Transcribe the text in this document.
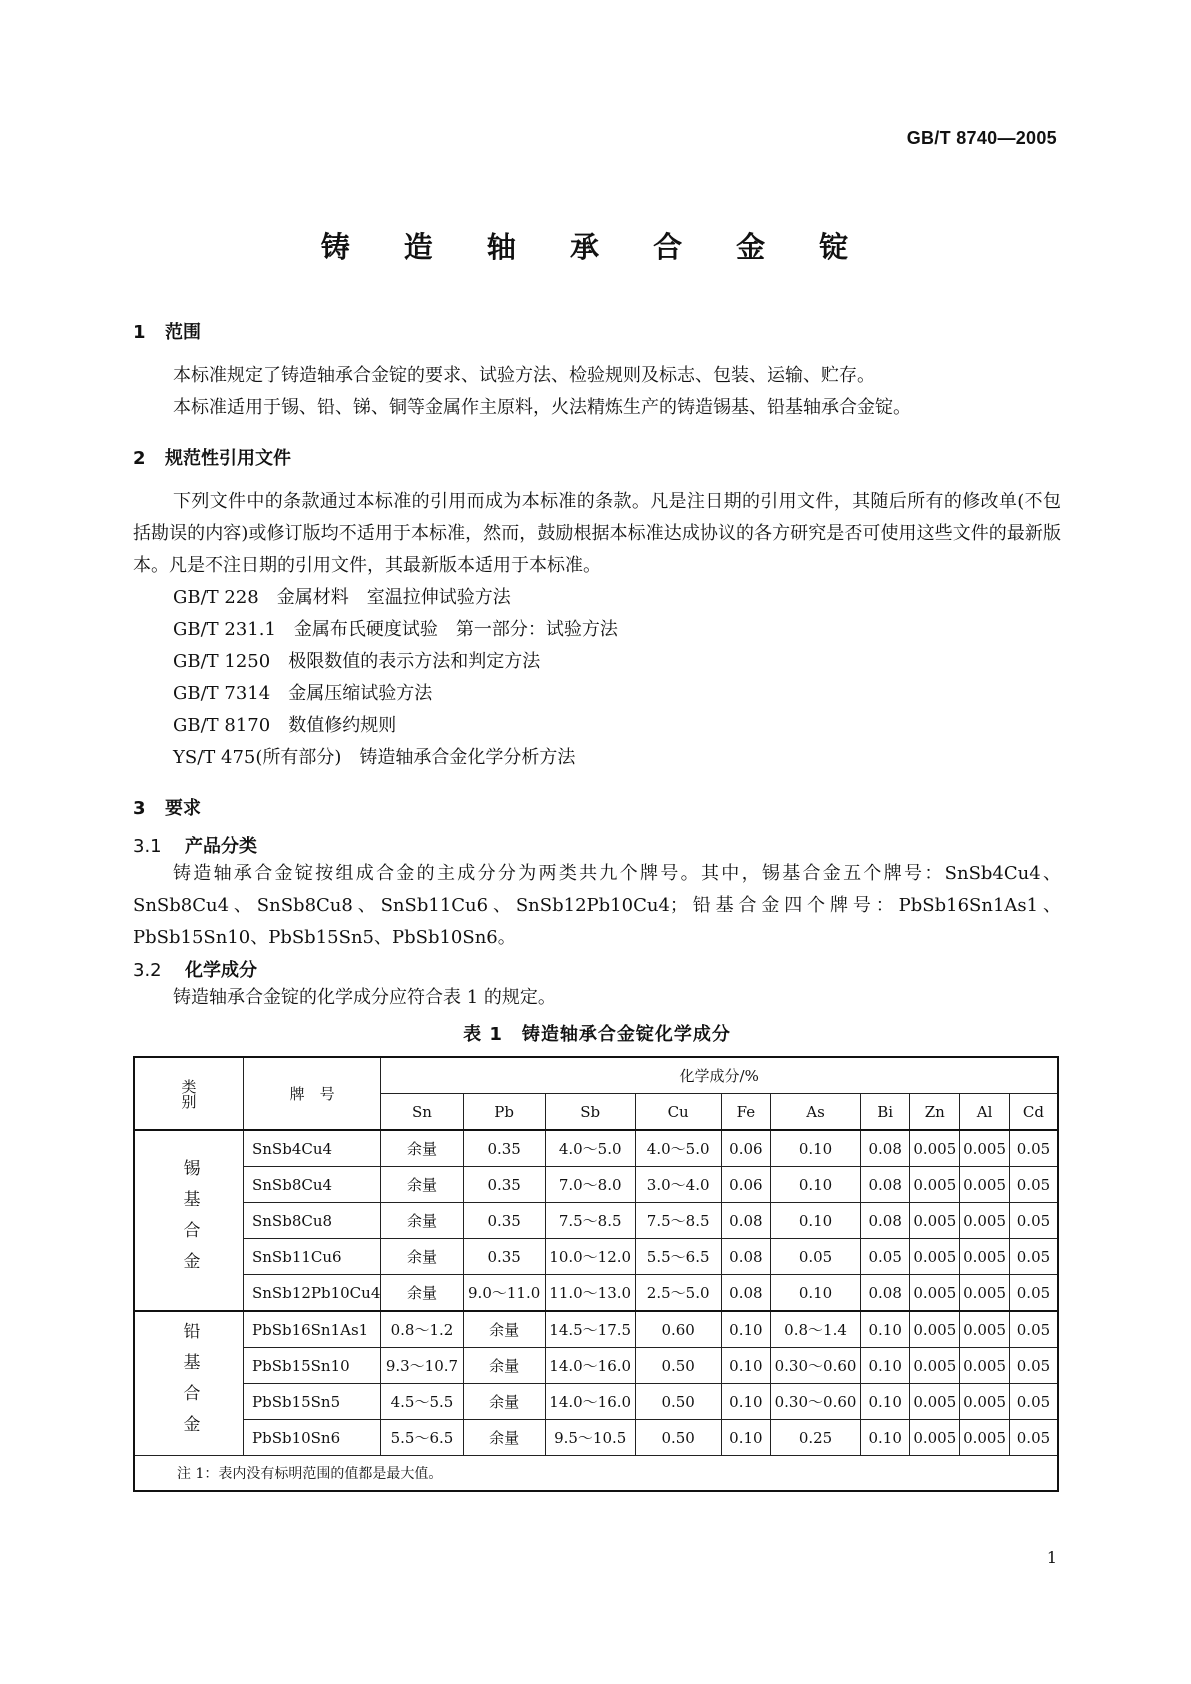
GB/T 8740—2005
铸 造 轴 承 合 金 锭
1 范围

本标准规定了铸造轴承合金锭的要求、试验方法、检验规则及标志、包装、运输、贮存。

本标准适用于锡、铅、锑、铜等金属作主原料，火法精炼生产的铸造锡基、铅基轴承合金锭。

2 规范性引用文件

下列文件中的条款通过本标准的引用而成为本标准的条款。凡是注日期的引用文件，其随后所有的修改单(不包括勘误的内容)或修订版均不适用于本标准，然而，鼓励根据本标准达成协议的各方研究是否可使用这些文件的最新版本。凡是不注日期的引用文件，其最新版本适用于本标准。

GB/T 228　金属材料　室温拉伸试验方法
GB/T 231.1　金属布氏硬度试验　第一部分：试验方法
GB/T 1250　极限数值的表示方法和判定方法
GB/T 7314　金属压缩试验方法
GB/T 8170　数值修约规则
YS/T 475(所有部分)　铸造轴承合金化学分析方法
3 要求
3.1 产品分类

铸造轴承合金锭按组成合金的主成分分为两类共九个牌号。其中，锡基合金五个牌号：SnSb4Cu4、SnSb8Cu4、SnSb8Cu8、SnSb11Cu6、SnSb12Pb10Cu4；铅基合金四个牌号：PbSb16Sn1As1、PbSb15Sn10、PbSb15Sn5、PbSb10Sn6。

3.2 化学成分

铸造轴承合金锭的化学成分应符合表 1 的规定。

表 1　铸造轴承合金锭化学成分
类别	牌　号	化学成分/%									
		Sn	Pb	Sb	Cu	Fe	As	Bi	Zn	Al	Cd
锡基合金	SnSb4Cu4	余量	0.35	4.0～5.0	4.0～5.0	0.06	0.10	0.08	0.005	0.005	0.05
	SnSb8Cu4	余量	0.35	7.0～8.0	3.0～4.0	0.06	0.10	0.08	0.005	0.005	0.05
	SnSb8Cu8	余量	0.35	7.5～8.5	7.5～8.5	0.08	0.10	0.08	0.005	0.005	0.05
	SnSb11Cu6	余量	0.35	10.0～12.0	5.5～6.5	0.08	0.05	0.05	0.005	0.005	0.05
	SnSb12Pb10Cu4	余量	9.0～11.0	11.0～13.0	2.5～5.0	0.08	0.10	0.08	0.005	0.005	0.05
铅基合金	PbSb16Sn1As1	0.8～1.2	余量	14.5～17.5	0.60	0.10	0.8～1.4	0.10	0.005	0.005	0.05
	PbSb15Sn10	9.3～10.7	余量	14.0～16.0	0.50	0.10	0.30～0.60	0.10	0.005	0.005	0.05
	PbSb15Sn5	4.5～5.5	余量	14.0～16.0	0.50	0.10	0.30～0.60	0.10	0.005	0.005	0.05
	PbSb10Sn6	5.5～6.5	余量	9.5～10.5	0.50	0.10	0.25	0.10	0.005	0.005	0.05
注 1：表内没有标明范围的值都是最大值。											
1
